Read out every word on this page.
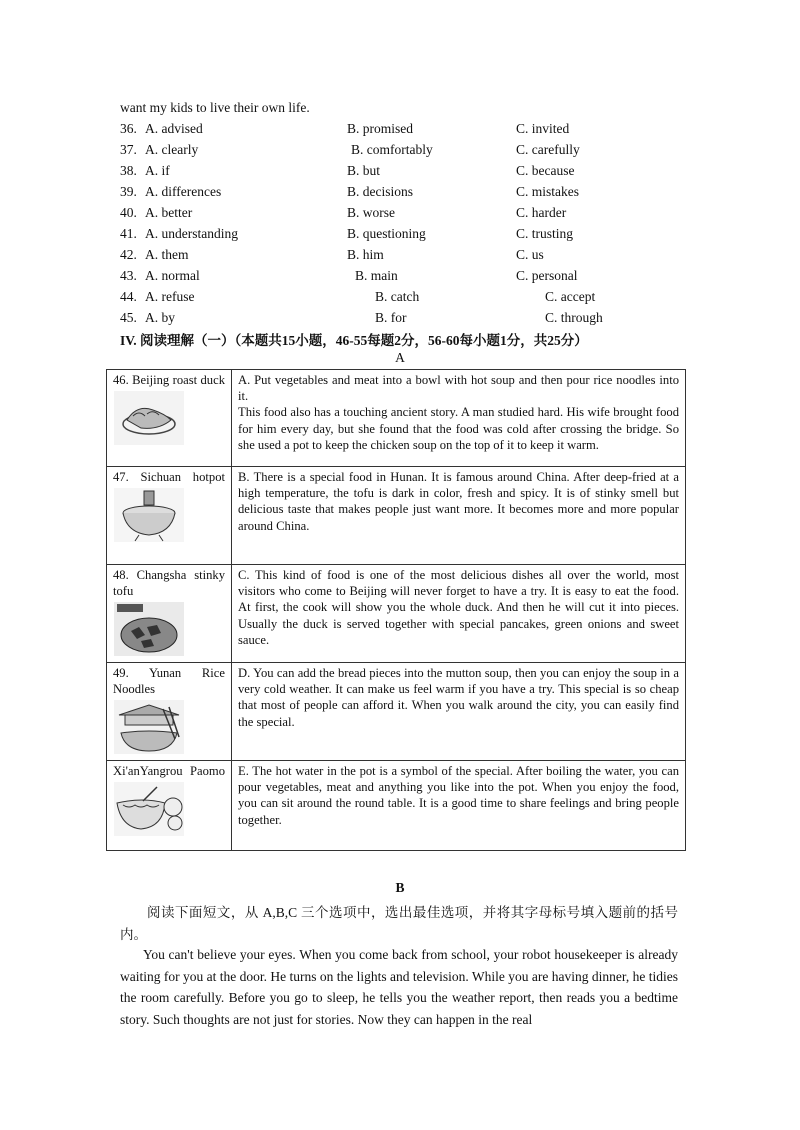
want my kids to live their own life.
36. A. advised	B. promised	C. invited
37. A. clearly	B. comfortably	C. carefully
38. A. if	B. but	C. because
39. A. differences	B. decisions	C. mistakes
40. A. better	B. worse	C. harder
41. A. understanding	B. questioning	C. trusting
42. A. them	B. him	C. us
43. A. normal	B. main	C. personal
44. A. refuse	B. catch	C. accept
45. A. by	B. for	C. through
IV. 阅读理解（一）（本题共15小题，46-55每题2分，56-60每小题1分，共25分）
A
46. Beijing roast duck	A. Put vegetables and meat into a bowl with hot soup and then pour rice noodles into it.
This food also has a touching ancient story. A man studied hard. His wife brought food for him every day, but she found that the food was cold after crossing the bridge. So she used a pot to keep the chicken soup on the top of it to keep it warm.

47. Sichuan hotpot	B. There is a special food in Hunan. It is famous around China. After deep-fried at a high temperature, the tofu is dark in color, fresh and spicy. It is of stinky smell but delicious taste that makes people just want more. It becomes more and more popular around China.

48. Changsha stinky tofu	C. This kind of food is one of the most delicious dishes all over the world, most visitors who come to Beijing will never forget to have a try. It is easy to eat the food. At first, the cook will show you the whole duck. And then he will cut it into pieces. Usually the duck is served together with special pancakes, green onions and sweet sauce.

49. Yunan Rice Noodles	D. You can add the bread pieces into the mutton soup, then you can enjoy the soup in a very cold weather. It can make us feel warm if you have a try. This special is so cheap that most of people can afford it. When you walk around the city, you can easily find the special.

Xi'anYangrou Paomo	E. The hot water in the pot is a symbol of the special. After boiling the water, you can pour vegetables, meat and anything you like into the pot. When you enjoy the food, you can sit around the round table. It is a good time to share feelings and bring people together.
B
阅读下面短文，从 A,B,C 三个选项中，选出最佳选项，并将其字母标号填入题前的括号内。
You can't believe your eyes. When you come back from school, your robot housekeeper is already waiting for you at the door. He turns on the lights and television. While you are having dinner, he tidies the room carefully. Before you go to sleep, he tells you the weather report, then reads you a bedtime story. Such thoughts are not just for stories. Now they can happen in the real
